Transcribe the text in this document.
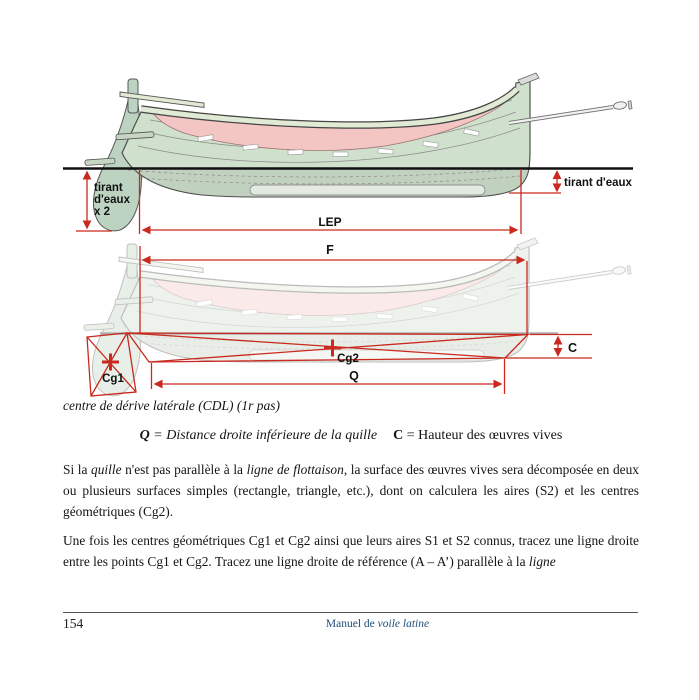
tirant
d'eaux
x 2
LEP
tirant d'eaux
F
Q
C
Cg1
Cg2
centre de dérive latérale (CDL) (1r pas)
Q = Distance droite inférieure de la quille C = Hauteur des œuvres vives

Si la quille n'est pas parallèle à la ligne de flottaison, la surface des œuvres vives sera décomposée en deux ou plusieurs surfaces simples (rectangle, triangle, etc.), dont on calculera les aires (S2) et les centres géométriques (Cg2).

Une fois les centres géométriques Cg1 et Cg2 ainsi que leurs aires S1 et S2 connus, tracez une ligne droite entre les points Cg1 et Cg2. Tracez une ligne droite de référence (A – A’) parallèle à la ligne

154	Manuel de voile latine
